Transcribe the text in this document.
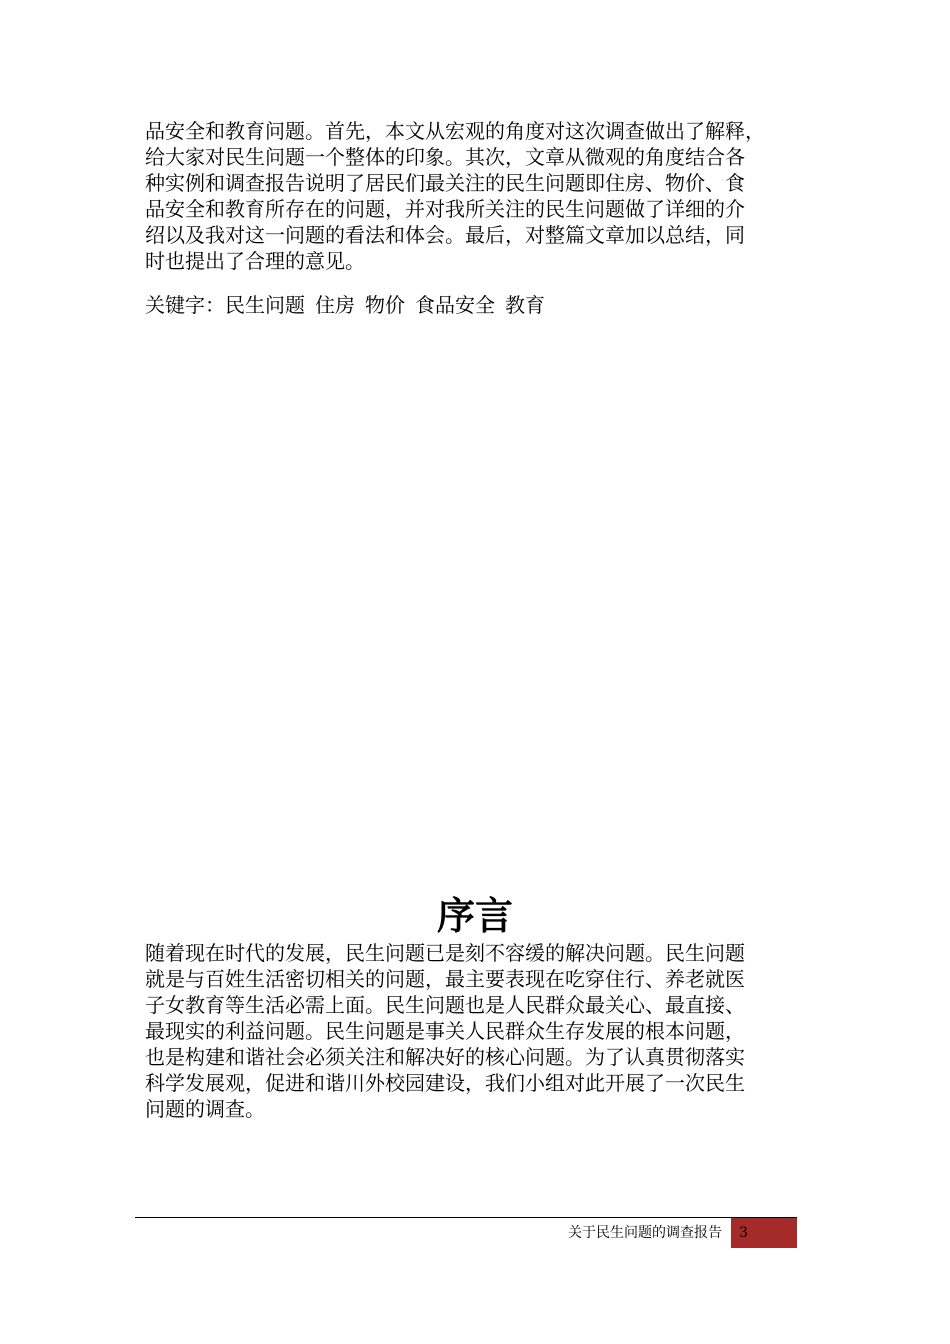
品安全和教育问题。首先，本文从宏观的角度对这次调查做出了解释，
给大家对民生问题一个整体的印象。其次，文章从微观的角度结合各
种实例和调查报告说明了居民们最关注的民生问题即住房、物价、食
品安全和教育所存在的问题，并对我所关注的民生问题做了详细的介
绍以及我对这一问题的看法和体会。最后，对整篇文章加以总结，同
时也提出了合理的意见。
关键字：民生问题 住房 物价 食品安全 教育
序言
随着现在时代的发展，民生问题已是刻不容缓的解决问题。民生问题
就是与百姓生活密切相关的问题，最主要表现在吃穿住行、养老就医
子女教育等生活必需上面。民生问题也是人民群众最关心、最直接、
最现实的利益问题。民生问题是事关人民群众生存发展的根本问题，
也是构建和谐社会必须关注和解决好的核心问题。为了认真贯彻落实
科学发展观，促进和谐川外校园建设，我们小组对此开展了一次民生
问题的调查。
关于民生问题的调查报告 3
